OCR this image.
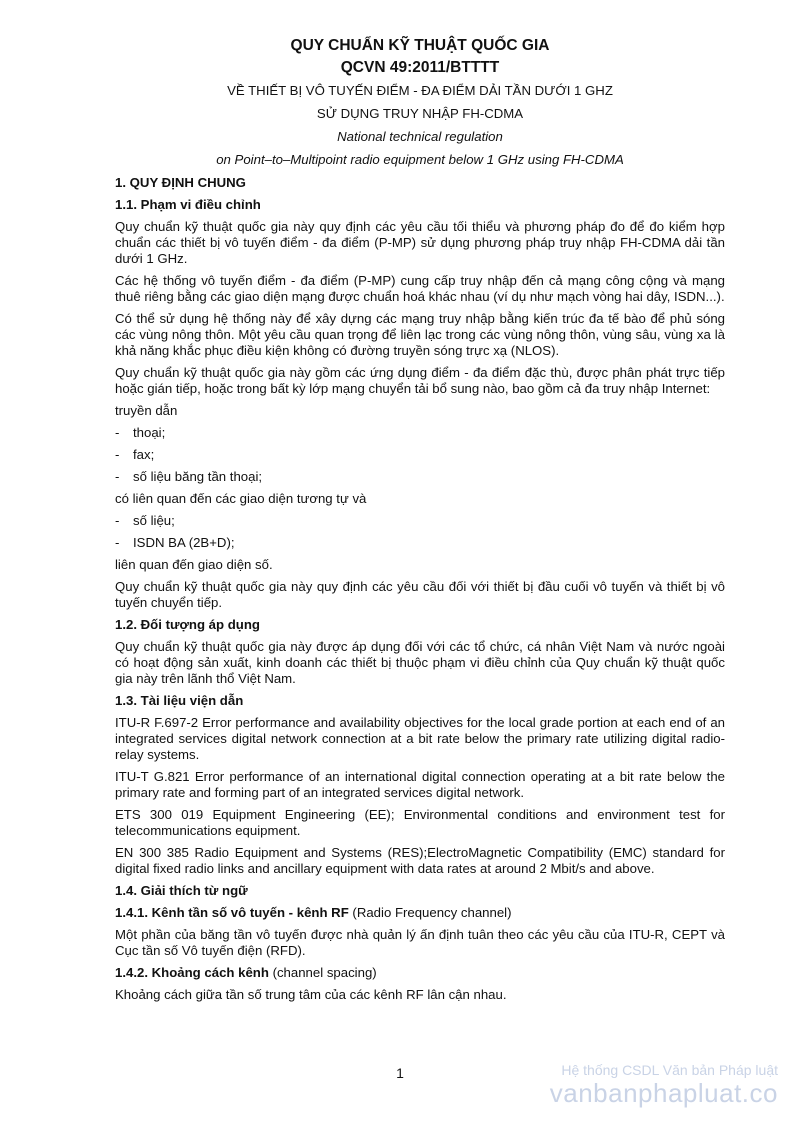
QUY CHUẨN KỸ THUẬT QUỐC GIA
QCVN 49:2011/BTTTT
VỀ THIẾT BỊ VÔ TUYẾN ĐIỂM - ĐA ĐIỂM DẢI TẦN DƯỚI 1 GHZ
SỬ DỤNG TRUY NHẬP FH-CDMA
National technical regulation
on Point–to–Multipoint radio equipment below 1 GHz using FH-CDMA
1. QUY ĐỊNH CHUNG
1.1. Phạm vi điều chỉnh

Quy chuẩn kỹ thuật quốc gia này quy định các yêu cầu tối thiểu và phương pháp đo để đo kiểm hợp chuẩn các thiết bị vô tuyến điểm - đa điểm (P-MP) sử dụng phương pháp truy nhập FH-CDMA dải tần dưới 1 GHz.

Các hệ thống vô tuyến điểm - đa điểm (P-MP) cung cấp truy nhập đến cả mạng công cộng và mạng thuê riêng bằng các giao diện mạng được chuẩn hoá khác nhau (ví dụ như mạch vòng hai dây, ISDN...).

Có thể sử dụng hệ thống này để xây dựng các mạng truy nhập bằng kiến trúc đa tế bào để phủ sóng các vùng nông thôn. Một yêu cầu quan trọng để liên lạc trong các vùng nông thôn, vùng sâu, vùng xa là khả năng khắc phục điều kiện không có đường truyền sóng trực xạ (NLOS).

Quy chuẩn kỹ thuật quốc gia này gồm các ứng dụng điểm - đa điểm đặc thù, được phân phát trực tiếp hoặc gián tiếp, hoặc trong bất kỳ lớp mạng chuyển tải bổ sung nào, bao gồm cả đa truy nhập Internet:

truyền dẫn

-	thoại;
-	fax;
-	số liệu băng tần thoại;

có liên quan đến các giao diện tương tự và

-	số liệu;
-	ISDN BA (2B+D);

liên quan đến giao diện số.

Quy chuẩn kỹ thuật quốc gia này quy định các yêu cầu đối với thiết bị đầu cuối vô tuyến và thiết bị vô tuyến chuyển tiếp.

1.2. Đối tượng áp dụng

Quy chuẩn kỹ thuật quốc gia này được áp dụng đối với các tổ chức, cá nhân Việt Nam và nước ngoài có hoạt động sản xuất, kinh doanh các thiết bị thuộc phạm vi điều chỉnh của Quy chuẩn kỹ thuật quốc gia này trên lãnh thổ Việt Nam.

1.3. Tài liệu viện dẫn

ITU-R F.697-2 Error performance and availability objectives for the local grade portion at each end of an integrated services digital network connection at a bit rate below the primary rate utilizing digital radio-relay systems.

ITU-T G.821 Error performance of an international digital connection operating at a bit rate below the primary rate and forming part of an integrated services digital network.

ETS 300 019 Equipment Engineering (EE); Environmental conditions and environment test for telecommunications equipment.

EN 300 385 Radio Equipment and Systems (RES);ElectroMagnetic Compatibility (EMC) standard for digital fixed radio links and ancillary equipment with data rates at around 2 Mbit/s and above.

1.4. Giải thích từ ngữ

1.4.1. Kênh tần số vô tuyến - kênh RF (Radio Frequency channel)

Một phần của băng tần vô tuyến được nhà quản lý ấn định tuân theo các yêu cầu của ITU-R, CEPT và Cục tần số Vô tuyến điện (RFD).

1.4.2. Khoảng cách kênh (channel spacing)

Khoảng cách giữa tần số trung tâm của các kênh RF lân cận nhau.

1	Hệ thống CSDL Văn bản Pháp luật
vanbanphapluat.co
